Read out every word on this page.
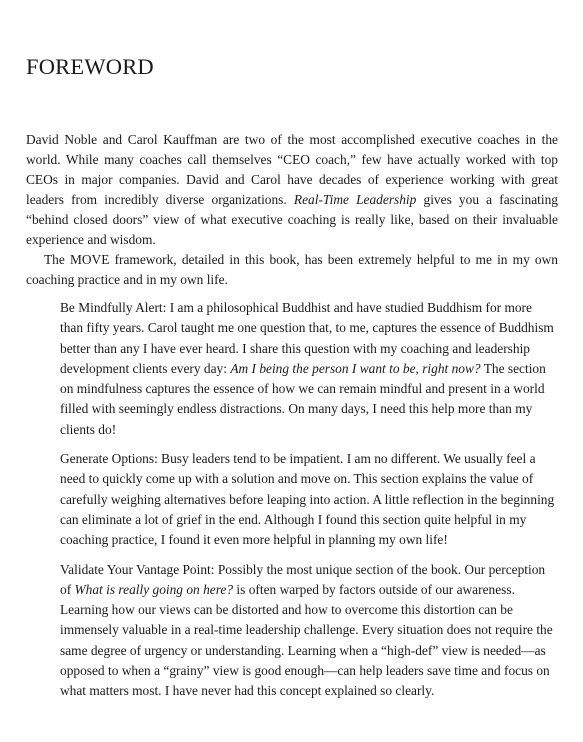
FOREWORD

David Noble and Carol Kauffman are two of the most accomplished executive coaches in the world. While many coaches call themselves “CEO coach,” few have actually worked with top CEOs in major companies. David and Carol have decades of experience working with great leaders from incredibly diverse organizations. Real-Time Leadership gives you a fascinating “behind closed doors” view of what executive coaching is really like, based on their invaluable experience and wisdom.

The MOVE framework, detailed in this book, has been extremely helpful to me in my own coaching practice and in my own life.

Be Mindfully Alert: I am a philosophical Buddhist and have studied Buddhism for more than fifty years. Carol taught me one question that, to me, captures the essence of Buddhism better than any I have ever heard. I share this question with my coaching and leadership development clients every day: Am I being the person I want to be, right now? The section on mindfulness captures the essence of how we can remain mindful and present in a world filled with seemingly endless distractions. On many days, I need this help more than my clients do!

Generate Options: Busy leaders tend to be impatient. I am no different. We usually feel a need to quickly come up with a solution and move on. This section explains the value of carefully weighing alternatives before leaping into action. A little reflection in the beginning can eliminate a lot of grief in the end. Although I found this section quite helpful in my coaching practice, I found it even more helpful in planning my own life!

Validate Your Vantage Point: Possibly the most unique section of the book. Our perception of What is really going on here? is often warped by factors outside of our awareness. Learning how our views can be distorted and how to overcome this distortion can be immensely valuable in a real-time leadership challenge. Every situation does not require the same degree of urgency or understanding. Learning when a “high-def” view is needed—as opposed to when a “grainy” view is good enough—can help leaders save time and focus on what matters most. I have never had this concept explained so clearly.
